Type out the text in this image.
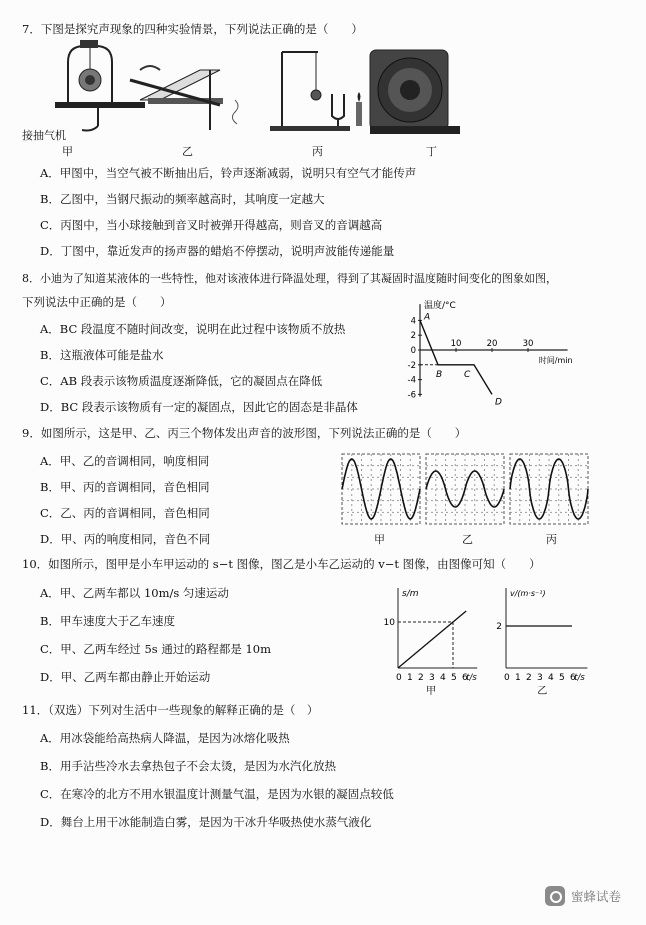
7．下图是探究声现象的四种实验情景，下列说法正确的是（　　）
接抽气机
甲	乙	丙	丁
A．甲图中，当空气被不断抽出后，铃声逐渐减弱，说明只有空气才能传声
B．乙图中，当钢尺振动的频率越高时，其响度一定越大
C．丙图中，当小球接触到音叉时被弹开得越高，则音叉的音调越高
D．丁图中，靠近发声的扬声器的蜡焰不停摆动，说明声波能传递能量
8．小迪为了知道某液体的一些特性，他对该液体进行降温处理，得到了其凝固时温度随时间变化的图象如图，
下列说法中正确的是（　　）
A．BC 段温度不随时间改变，说明在此过程中该物质不放热
B．这瓶液体可能是盐水
C．AB 段表示该物质温度逐渐降低，它的凝固点在降低
D．BC 段表示该物质有一定的凝固点，因此它的固态是非晶体
温度/°C
时间/min
4
2
0
-2
-4
-6
10	20	30
A
B C
D
9．如图所示，这是甲、乙、丙三个物体发出声音的波形图，下列说法正确的是（　　）
A．甲、乙的音调相同，响度相同
B．甲、丙的音调相同，音色相同
C．乙、丙的音调相同，音色相同
D．甲、丙的响度相同，音色不同	甲	乙	丙
10．如图所示，图甲是小车甲运动的 s−t 图像，图乙是小车乙运动的 v−t 图像，由图像可知（　　）
A．甲、乙两车都以 10m/s 匀速运动
B．甲车速度大于乙车速度
C．甲、乙两车经过 5s 通过的路程都是 10m
D．甲、乙两车都由静止开始运动
s/m
t/s
0 1 2 3 4 5 6
10
甲
v/(m·s⁻¹)
t/s
0 1 2 3 4 5 6
2
乙
11．（双选）下列对生活中一些现象的解释正确的是（　）
A．用冰袋能给高热病人降温，是因为冰熔化吸热
B．用手沾些冷水去拿热包子不会太烫，是因为水汽化放热
C．在寒冷的北方不用水银温度计测量气温，是因为水银的凝固点较低
D．舞台上用干冰能制造白雾，是因为干冰升华吸热使水蒸气液化
蜜蜂试卷
